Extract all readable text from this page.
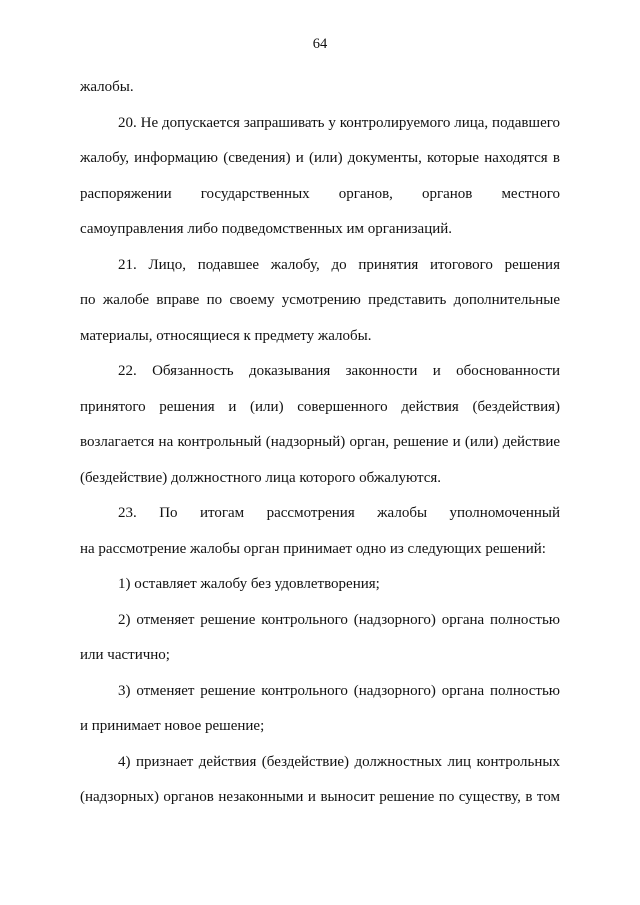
64
жалобы.
20. Не допускается запрашивать у контролируемого лица, подавшего
жалобу, информацию (сведения) и (или) документы, которые находятся в
распоряжении государственных органов, органов местного
самоуправления либо подведомственных им организаций.
21. Лицо, подавшее жалобу, до принятия итогового решения
по жалобе вправе по своему усмотрению представить дополнительные
материалы, относящиеся к предмету жалобы.
22. Обязанность доказывания законности и обоснованности
принятого решения и (или) совершенного действия (бездействия)
возлагается на контрольный (надзорный) орган, решение и (или) действие
(бездействие) должностного лица которого обжалуются.
23. По итогам рассмотрения жалобы уполномоченный
на рассмотрение жалобы орган принимает одно из следующих решений:
1) оставляет жалобу без удовлетворения;
2) отменяет решение контрольного (надзорного) органа полностью
или частично;
3) отменяет решение контрольного (надзорного) органа полностью
и принимает новое решение;
4) признает действия (бездействие) должностных лиц контрольных
(надзорных) органов незаконными и выносит решение по существу, в том
